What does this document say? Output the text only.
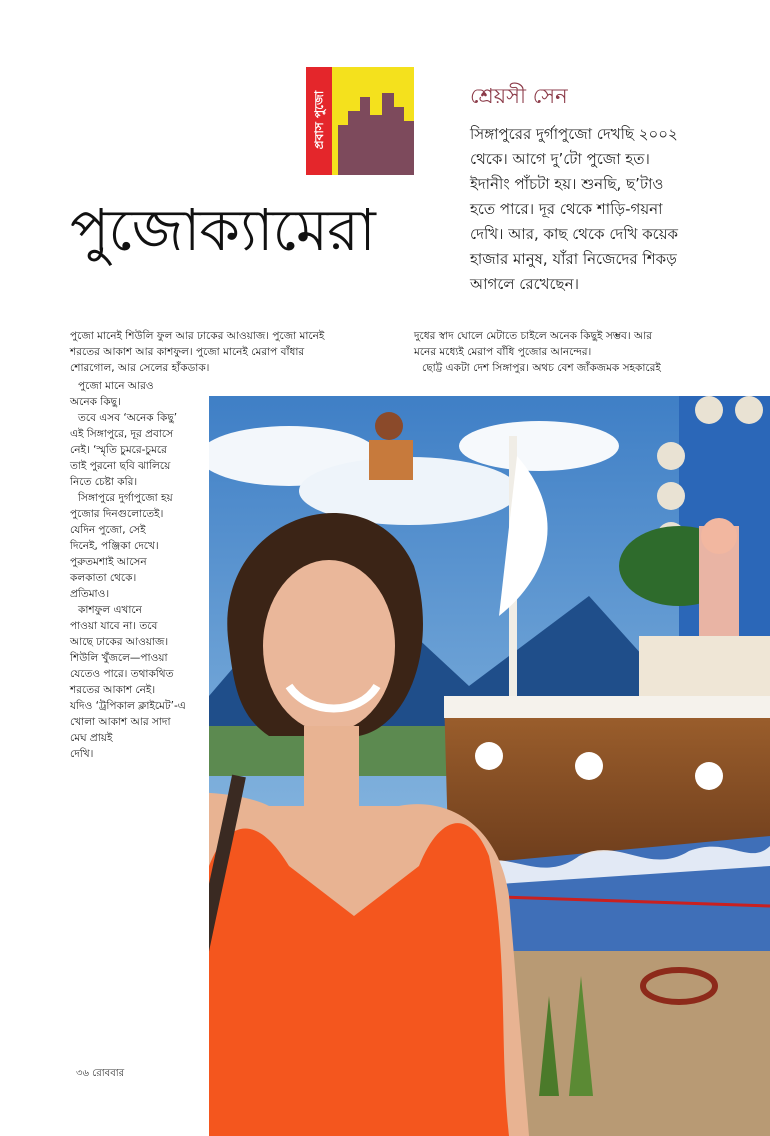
প্রবাস পুজো
পুজোক্যামেরা
শ্রেয়সী সেন

সিঙ্গাপুরের দুর্গাপুজো দেখছি ২০০২

থেকে। আগে দু’টো পুজো হত।

ইদানীং পাঁচটা হয়। শুনছি, ছ’টাও

হতে পারে। দূর থেকে শাড়ি-গয়না

দেখি। আর, কাছ থেকে দেখি কয়েক

হাজার মানুষ, যাঁরা নিজেদের শিকড়

আগলে রেখেছেন।

পুজো মানেই শিউলি ফুল আর ঢাকের আওয়াজ। পুজো মানেই

শরতের আকাশ আর কাশফুল। পুজো মানেই মেরাপ বাঁধার

শোরগোল, আর সেলের হাঁকডাক।

দুধের স্বাদ ঘোলে মেটাতে চাইলে অনেক কিছুই সম্ভব। আর

মনের মধ্যেই মেরাপ বাঁধি পুজোর আনন্দের।

ছোট্ট একটা দেশ সিঙ্গাপুর। অথচ বেশ জাঁকজমক সহকারেই

পুজো মানে আরও

অনেক কিছু।

তবে এসব ‘অনেক কিছু’

এই সিঙ্গাপুরে, দূর প্রবাসে

নেই। ‘স্মৃতি চুমরে-চুমরে

তাই পুরনো ছবি ঝালিয়ে

নিতে চেষ্টা করি।

সিঙ্গাপুরে দুর্গাপুজো হয়

পুজোর দিনগুলোতেই।

যেদিন পুজো, সেই

দিনেই, পঞ্জিকা দেখে।

পুরুতমশাই আসেন

কলকাতা থেকে।

প্রতিমাও।

কাশফুল এখানে

পাওয়া যাবে না। তবে

আছে ঢাকের আওয়াজ।

শিউলি খুঁজলে—পাওয়া

যেতেও পারে। তথাকথিত

শরতের আকাশ নেই।

যদিও ‘ট্রপিকাল ক্লাইমেট’-এ

খোলা আকাশ আর সাদা

মেঘ প্রায়ই

দেখি।

৩৬ রোববার
